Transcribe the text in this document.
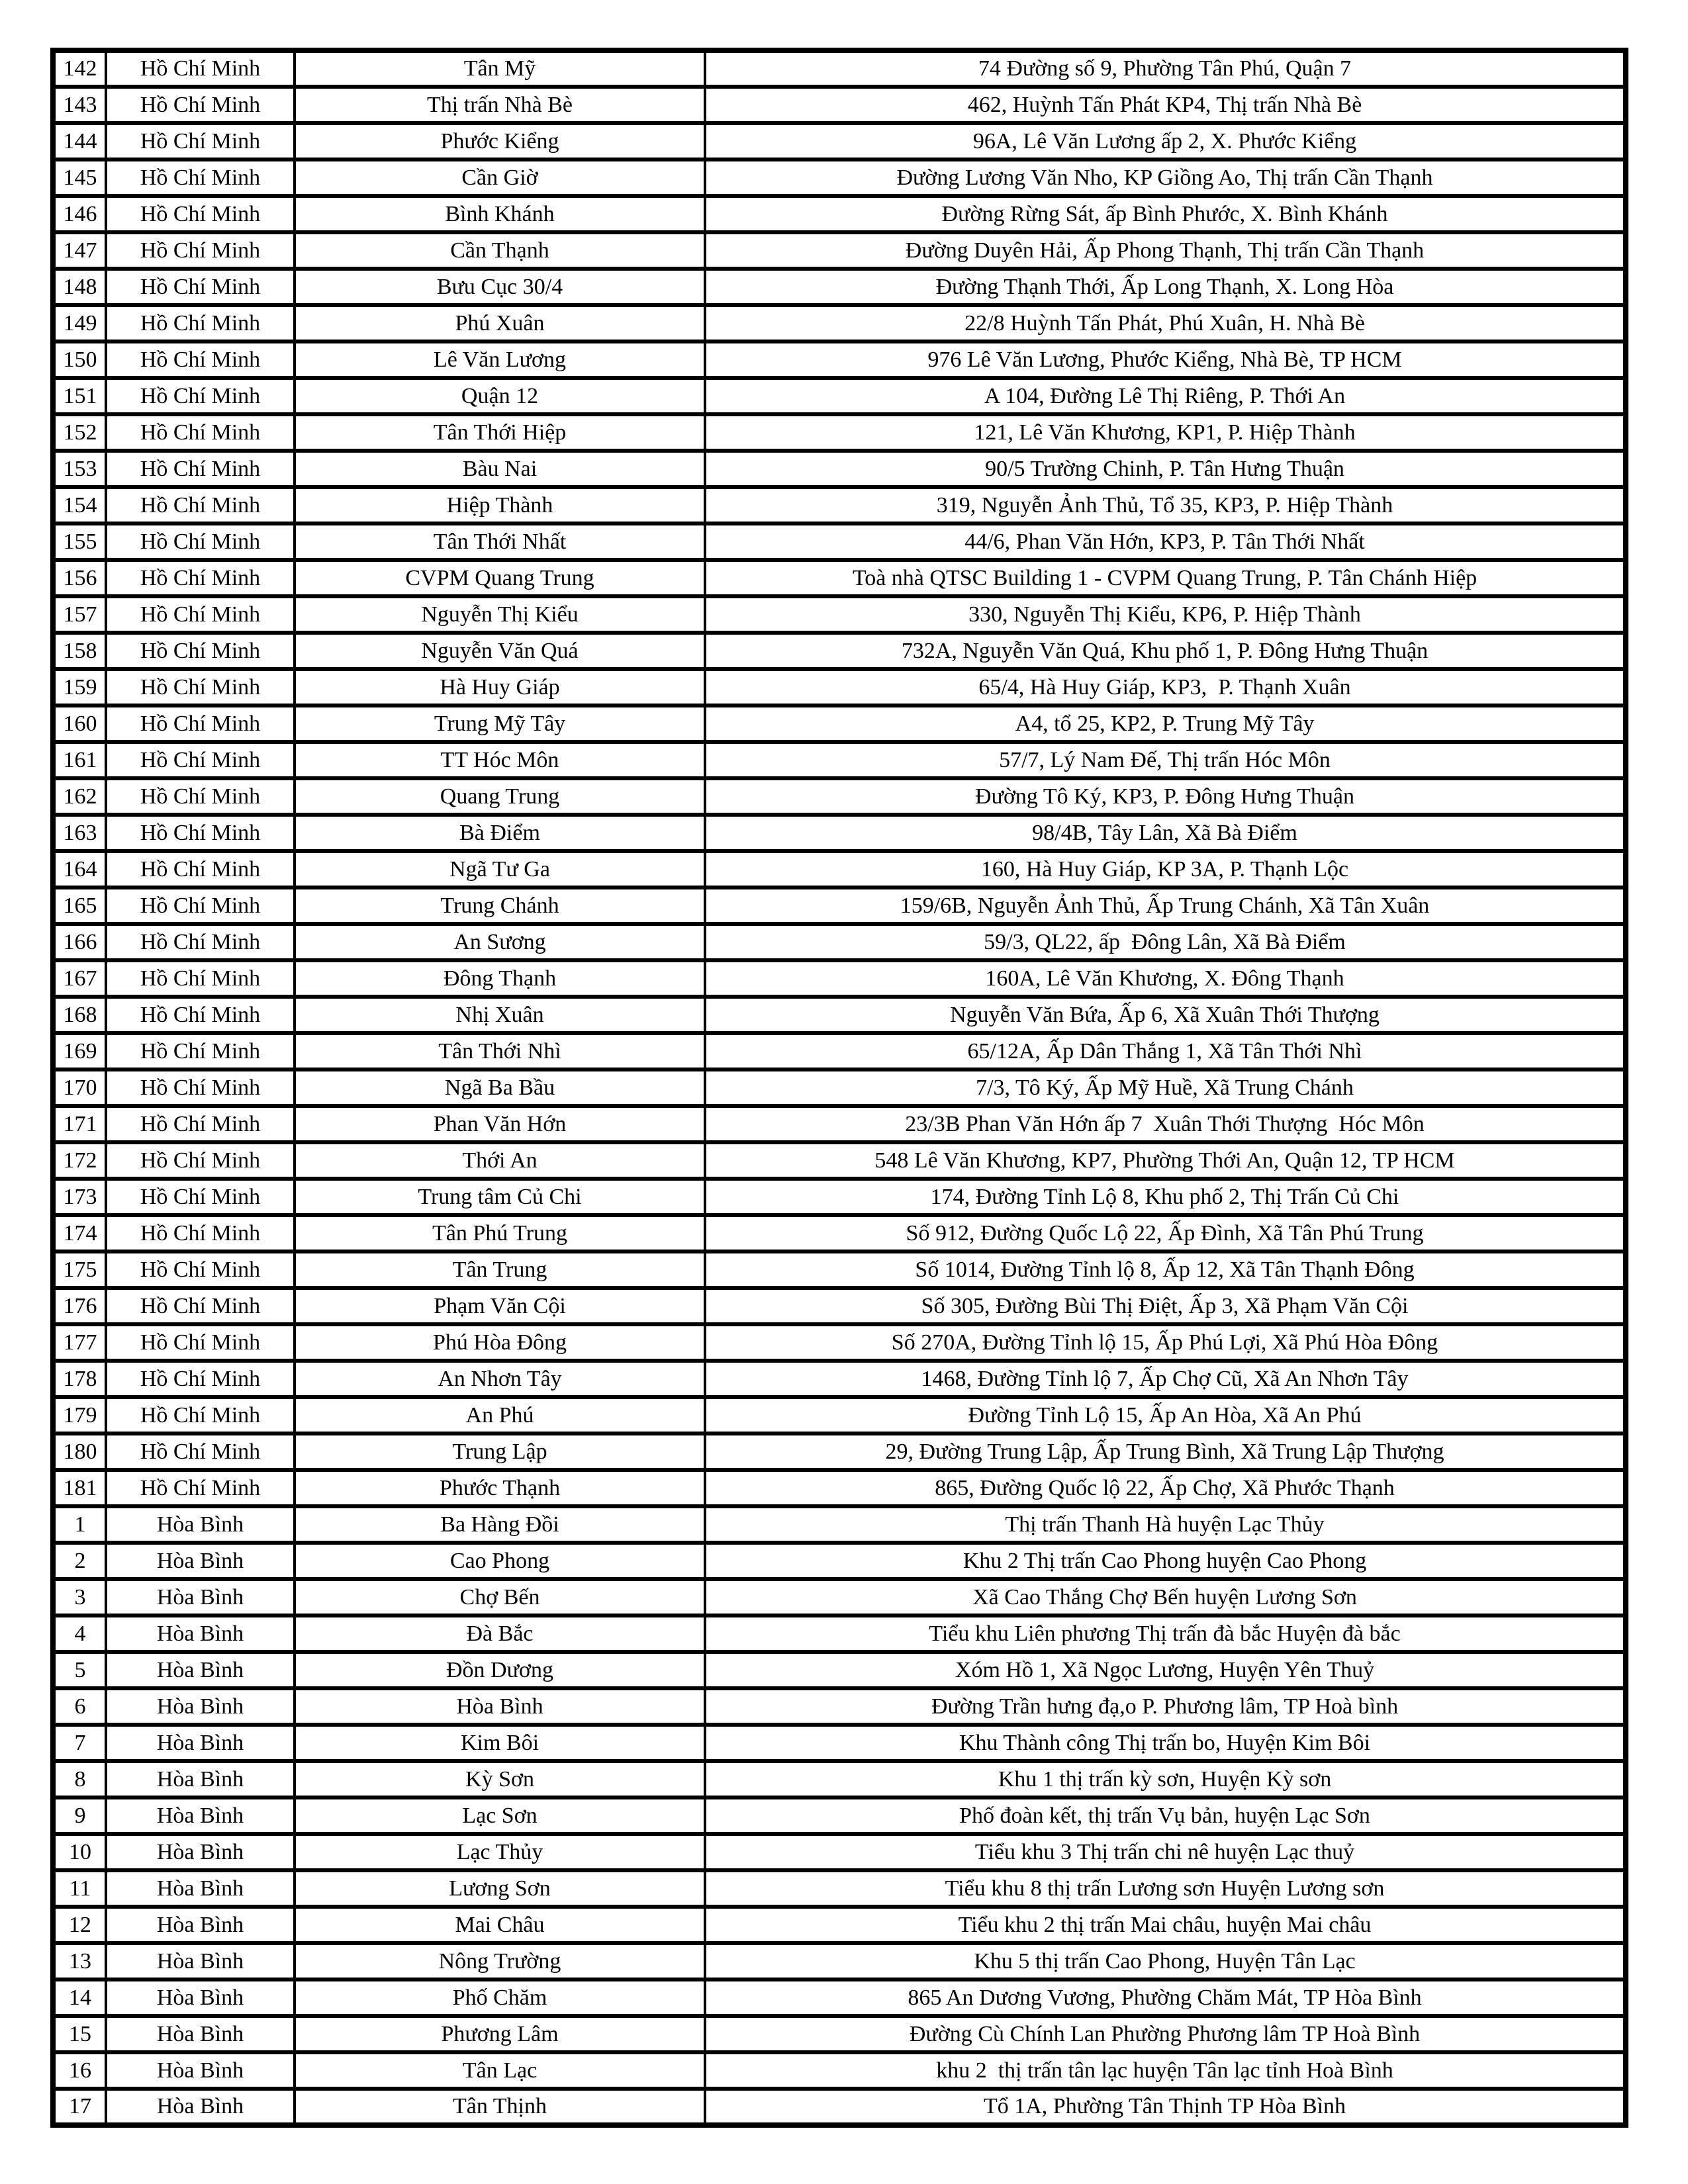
142	Hồ Chí Minh	Tân Mỹ	74 Đường số 9, Phường Tân Phú, Quận 7
143	Hồ Chí Minh	Thị trấn Nhà Bè	462, Huỳnh Tấn Phát KP4, Thị trấn Nhà Bè
144	Hồ Chí Minh	Phước Kiểng	96A, Lê Văn Lương ấp 2, X. Phước Kiểng
145	Hồ Chí Minh	Cần Giờ	Đường Lương Văn Nho, KP Giồng Ao, Thị trấn Cần Thạnh
146	Hồ Chí Minh	Bình Khánh	Đường Rừng Sát, ấp Bình Phước, X. Bình Khánh
147	Hồ Chí Minh	Cần Thạnh	Đường Duyên Hải, Ấp Phong Thạnh, Thị trấn Cần Thạnh
148	Hồ Chí Minh	Bưu Cục 30/4	Đường Thạnh Thới, Ấp Long Thạnh, X. Long Hòa
149	Hồ Chí Minh	Phú Xuân	22/8 Huỳnh Tấn Phát, Phú Xuân, H. Nhà Bè
150	Hồ Chí Minh	Lê Văn Lương	976 Lê Văn Lương, Phước Kiểng, Nhà Bè, TP HCM
151	Hồ Chí Minh	Quận 12	A 104, Đường Lê Thị Riêng, P. Thới An
152	Hồ Chí Minh	Tân Thới Hiệp	121, Lê Văn Khương, KP1, P. Hiệp Thành
153	Hồ Chí Minh	Bàu Nai	90/5 Trường Chinh, P. Tân Hưng Thuận
154	Hồ Chí Minh	Hiệp Thành	319, Nguyễn Ảnh Thủ, Tổ 35, KP3, P. Hiệp Thành
155	Hồ Chí Minh	Tân Thới Nhất	44/6, Phan Văn Hớn, KP3, P. Tân Thới Nhất
156	Hồ Chí Minh	CVPM Quang Trung	Toà nhà QTSC Building 1 - CVPM Quang Trung, P. Tân Chánh Hiệp
157	Hồ Chí Minh	Nguyễn Thị Kiểu	330, Nguyễn Thị Kiểu, KP6, P. Hiệp Thành
158	Hồ Chí Minh	Nguyễn Văn Quá	732A, Nguyễn Văn Quá, Khu phố 1, P. Đông Hưng Thuận
159	Hồ Chí Minh	Hà Huy Giáp	65/4, Hà Huy Giáp, KP3,  P. Thạnh Xuân
160	Hồ Chí Minh	Trung Mỹ Tây	A4, tổ 25, KP2, P. Trung Mỹ Tây
161	Hồ Chí Minh	TT Hóc Môn	57/7, Lý Nam Đế, Thị trấn Hóc Môn
162	Hồ Chí Minh	Quang Trung	Đường Tô Ký, KP3, P. Đông Hưng Thuận
163	Hồ Chí Minh	Bà Điểm	98/4B, Tây Lân, Xã Bà Điểm
164	Hồ Chí Minh	Ngã Tư Ga	160, Hà Huy Giáp, KP 3A, P. Thạnh Lộc
165	Hồ Chí Minh	Trung Chánh	159/6B, Nguyễn Ảnh Thủ, Ấp Trung Chánh, Xã Tân Xuân
166	Hồ Chí Minh	An Sương	59/3, QL22, ấp  Đông Lân, Xã Bà Điểm
167	Hồ Chí Minh	Đông Thạnh	160A, Lê Văn Khương, X. Đông Thạnh
168	Hồ Chí Minh	Nhị Xuân	Nguyễn Văn Bứa, Ấp 6, Xã Xuân Thới Thượng
169	Hồ Chí Minh	Tân Thới Nhì	65/12A, Ấp Dân Thắng 1, Xã Tân Thới Nhì
170	Hồ Chí Minh	Ngã Ba Bầu	7/3, Tô Ký, Ấp Mỹ Huề, Xã Trung Chánh
171	Hồ Chí Minh	Phan Văn Hớn	23/3B Phan Văn Hớn ấp 7  Xuân Thới Thượng  Hóc Môn
172	Hồ Chí Minh	Thới An	548 Lê Văn Khương, KP7, Phường Thới An, Quận 12, TP HCM
173	Hồ Chí Minh	Trung tâm Củ Chi	174, Đường Tỉnh Lộ 8, Khu phố 2, Thị Trấn Củ Chi
174	Hồ Chí Minh	Tân Phú Trung	Số 912, Đường Quốc Lộ 22, Ấp Đình, Xã Tân Phú Trung
175	Hồ Chí Minh	Tân Trung	Số 1014, Đường Tỉnh lộ 8, Ấp 12, Xã Tân Thạnh Đông
176	Hồ Chí Minh	Phạm Văn Cội	Số 305, Đường Bùi Thị Điệt, Ấp 3, Xã Phạm Văn Cội
177	Hồ Chí Minh	Phú Hòa Đông	Số 270A, Đường Tỉnh lộ 15, Ấp Phú Lợi, Xã Phú Hòa Đông
178	Hồ Chí Minh	An Nhơn Tây	1468, Đường Tỉnh lộ 7, Ấp Chợ Cũ, Xã An Nhơn Tây
179	Hồ Chí Minh	An Phú	Đường Tỉnh Lộ 15, Ấp An Hòa, Xã An Phú
180	Hồ Chí Minh	Trung Lập	29, Đường Trung Lập, Ấp Trung Bình, Xã Trung Lập Thượng
181	Hồ Chí Minh	Phước Thạnh	865, Đường Quốc lộ 22, Ấp Chợ, Xã Phước Thạnh
1	Hòa Bình	Ba Hàng Đồi	Thị trấn Thanh Hà huyện Lạc Thủy
2	Hòa Bình	Cao Phong	Khu 2 Thị trấn Cao Phong huyện Cao Phong
3	Hòa Bình	Chợ Bến	Xã Cao Thắng Chợ Bến huyện Lương Sơn
4	Hòa Bình	Đà Bắc	Tiểu khu Liên phương Thị trấn đà bắc Huyện đà bắc
5	Hòa Bình	Đồn Dương	Xóm Hồ 1, Xã Ngọc Lương, Huyện Yên Thuỷ
6	Hòa Bình	Hòa Bình	Đường Trần hưng đạ,o P. Phương lâm, TP Hoà bình
7	Hòa Bình	Kim Bôi	Khu Thành công Thị trấn bo, Huyện Kim Bôi
8	Hòa Bình	Kỳ Sơn	Khu 1 thị trấn kỳ sơn, Huyện Kỳ sơn
9	Hòa Bình	Lạc Sơn	Phố đoàn kết, thị trấn Vụ bản, huyện Lạc Sơn
10	Hòa Bình	Lạc Thủy	Tiểu khu 3 Thị trấn chi nê huyện Lạc thuỷ
11	Hòa Bình	Lương Sơn	Tiểu khu 8 thị trấn Lương sơn Huyện Lương sơn
12	Hòa Bình	Mai Châu	Tiểu khu 2 thị trấn Mai châu, huyện Mai châu
13	Hòa Bình	Nông Trường	Khu 5 thị trấn Cao Phong, Huyện Tân Lạc
14	Hòa Bình	Phố Chăm	865 An Dương Vương, Phường Chăm Mát, TP Hòa Bình
15	Hòa Bình	Phương Lâm	Đường Cù Chính Lan Phường Phương lâm TP Hoà Bình
16	Hòa Bình	Tân Lạc	khu 2  thị trấn tân lạc huyện Tân lạc tỉnh Hoà Bình
17	Hòa Bình	Tân Thịnh	Tổ 1A, Phường Tân Thịnh TP Hòa Bình
